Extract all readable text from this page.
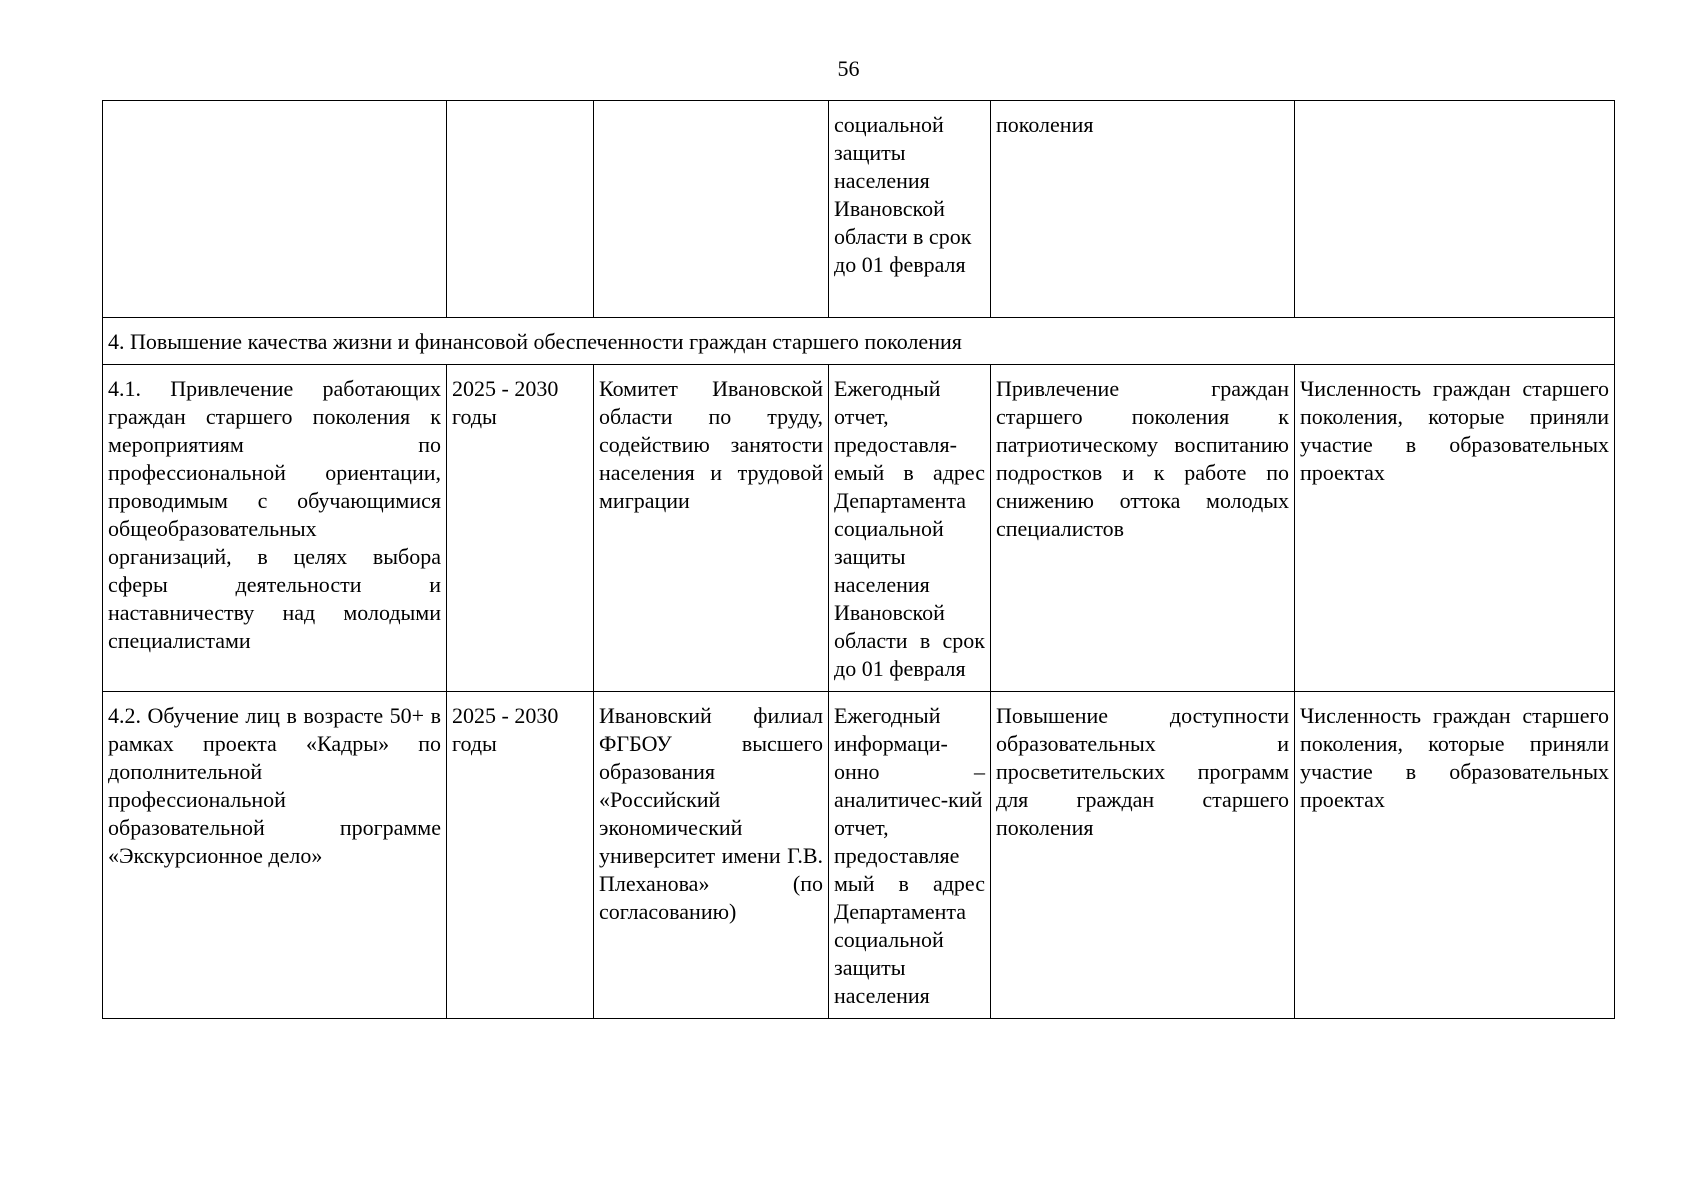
56

			социальной защиты населения Ивановской области в срок до 01 февраля	поколения	

4. Повышение качества жизни и финансовой обеспеченности граждан старшего поколения					
4.1. Привлечение работающих граждан старшего поколения к мероприятиям по профессиональной ориентации, проводимым с обучающимися общеобразовательных организаций, в целях выбора сферы деятельности и наставничеству над молодыми специалистами	2025 - 2030 годы	Комитет Ивановской области по труду, содействию занятости населения и трудовой миграции	Ежегодный отчет, предоставля-емый в адрес Департамента социальной защиты населения Ивановской области в срок до 01 февраля	Привлечение граждан старшего поколения к патриотическому воспитанию подростков и к работе по снижению оттока молодых специалистов	Численность граждан старшего поколения, которые приняли участие в образовательных проектах
4.2. Обучение лиц в возрасте 50+ в рамках проекта «Кадры» по дополнительной профессиональной образовательной программе «Экскурсионное дело»	2025 - 2030 годы	Ивановский филиал ФГБОУ высшего образования «Российский экономический университет имени Г.В. Плеханова» (по согласованию)	Ежегодный информаци-онно – аналитичес-кий отчет, предоставляе мый в адрес Департамента социальной защиты населения	Повышение доступности образовательных и просветительских программ для граждан старшего поколения	Численность граждан старшего поколения, которые приняли участие в образовательных проектах
